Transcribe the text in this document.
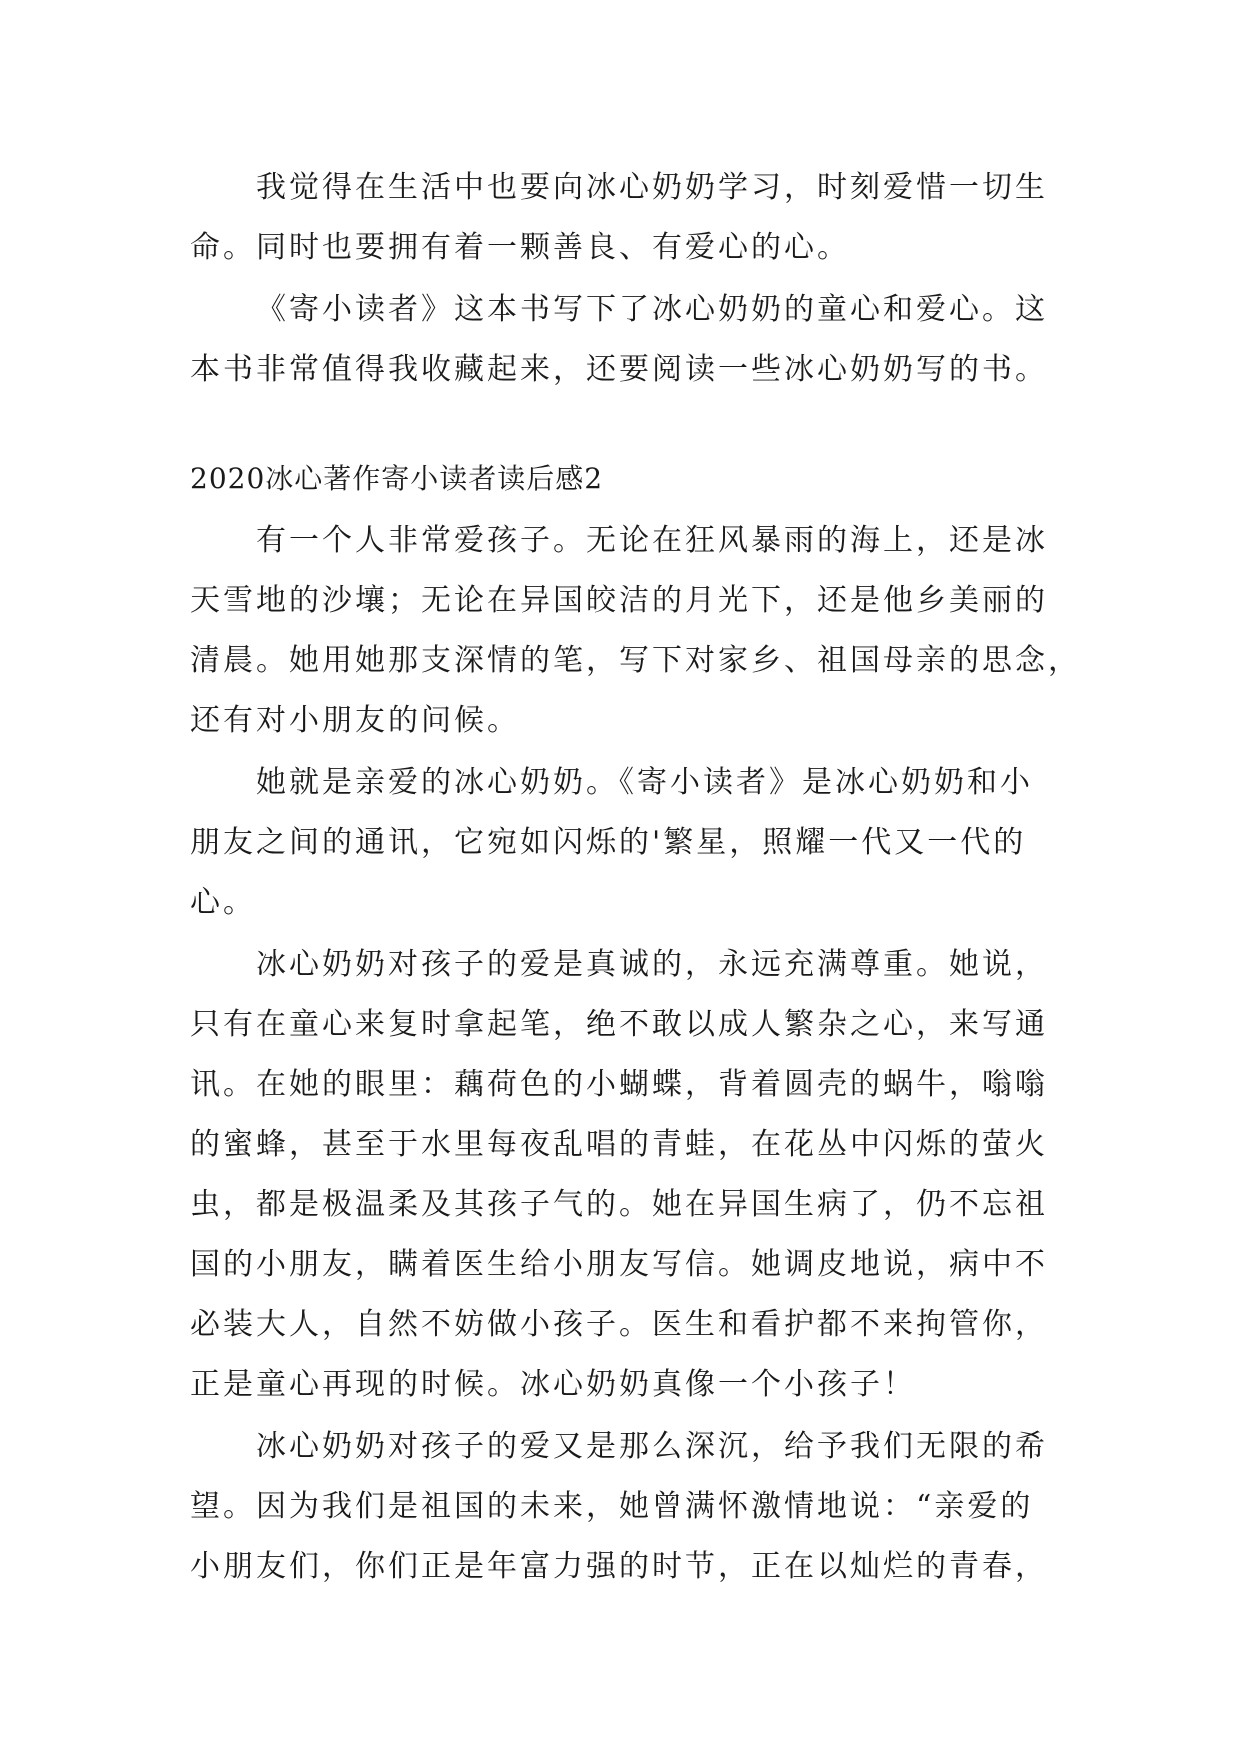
我觉得在生活中也要向冰心奶奶学习，时刻爱惜一切生
命。同时也要拥有着一颗善良、有爱心的心。
《寄小读者》这本书写下了冰心奶奶的童心和爱心。这
本书非常值得我收藏起来，还要阅读一些冰心奶奶写的书。
2020冰心著作寄小读者读后感2
有一个人非常爱孩子。无论在狂风暴雨的海上，还是冰
天雪地的沙壤；无论在异国皎洁的月光下，还是他乡美丽的
清晨。她用她那支深情的笔，写下对家乡、祖国母亲的思念，
还有对小朋友的问候。
她就是亲爱的冰心奶奶。《寄小读者》是冰心奶奶和小
朋友之间的通讯，它宛如闪烁的'繁星，照耀一代又一代的
心。
冰心奶奶对孩子的爱是真诚的，永远充满尊重。她说，
只有在童心来复时拿起笔，绝不敢以成人繁杂之心，来写通
讯。在她的眼里：藕荷色的小蝴蝶，背着圆壳的蜗牛，嗡嗡
的蜜蜂，甚至于水里每夜乱唱的青蛙，在花丛中闪烁的萤火
虫，都是极温柔及其孩子气的。她在异国生病了，仍不忘祖
国的小朋友，瞒着医生给小朋友写信。她调皮地说，病中不
必装大人，自然不妨做小孩子。医生和看护都不来拘管你，
正是童心再现的时候。冰心奶奶真像一个小孩子！
冰心奶奶对孩子的爱又是那么深沉，给予我们无限的希
望。因为我们是祖国的未来，她曾满怀激情地说：“亲爱的
小朋友们，你们正是年富力强的时节，正在以灿烂的青春，
